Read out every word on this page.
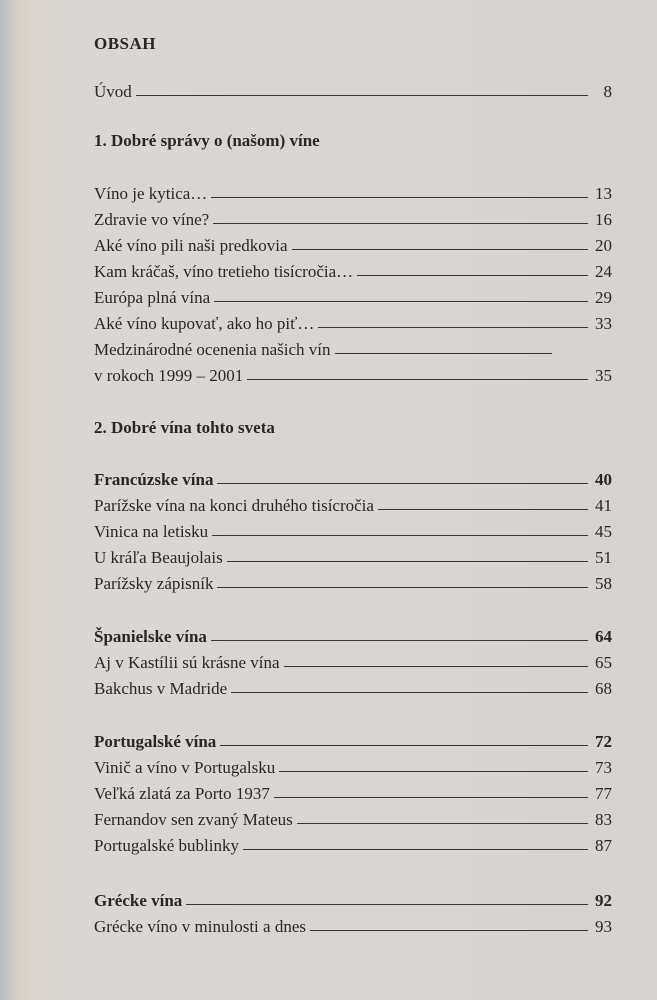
OBSAH
Úvod	8
1. Dobré správy o (našom) víne
Víno je kytica…	13
Zdravie vo víne?	16
Aké víno pili naši predkovia	20
Kam kráčaš, víno tretieho tisícročia…	24
Európa plná vína	29
Aké víno kupovať, ako ho piť…	33
Medzinárodné ocenenia našich vín
v rokoch 1999 – 2001	35
2. Dobré vína tohto sveta
Francúzske vína	40
Parížske vína na konci druhého tisícročia	41
Vinica na letisku	45
U kráľa Beaujolais	51
Parížsky zápisník	58
Španielske vína	64
Aj v Kastílii sú krásne vína	65
Bakchus v Madride	68
Portugalské vína	72
Vinič a víno v Portugalsku	73
Veľká zlatá za Porto 1937	77
Fernandov sen zvaný Mateus	83
Portugalské bublinky	87
Grécke vína	92
Grécke víno v minulosti a dnes	93
